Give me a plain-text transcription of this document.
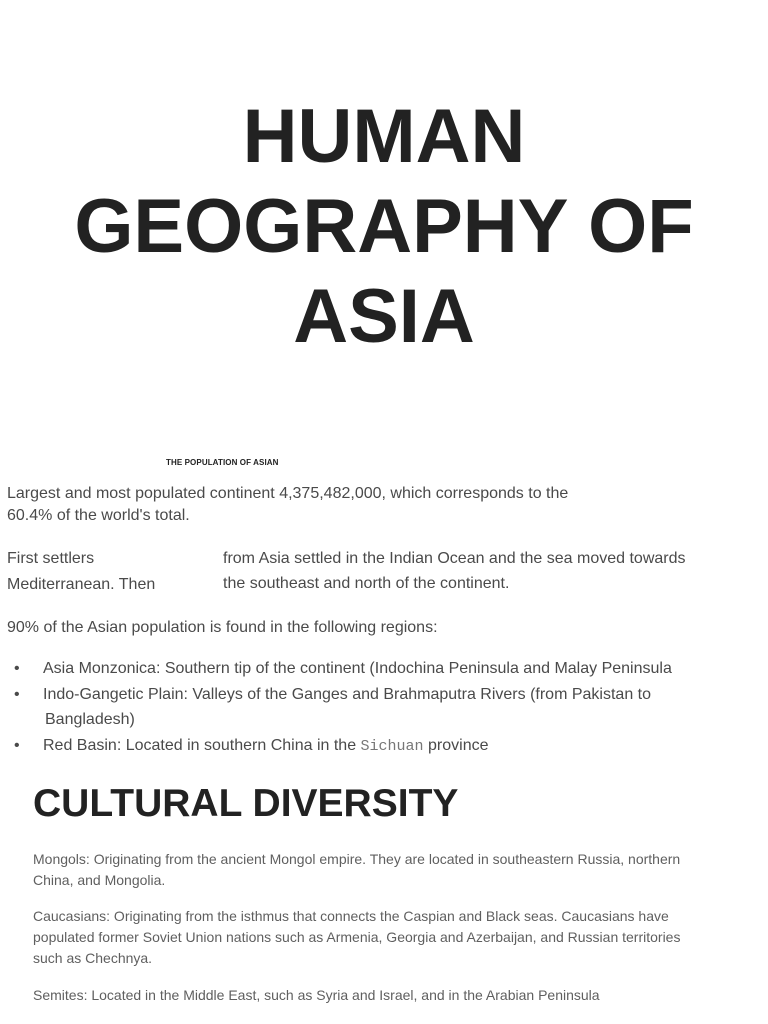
HUMAN
GEOGRAPHY OF
ASIA
THE POPULATION OF ASIAN

Largest and most populated continent 4,375,482,000, which corresponds to the
60.4% of the world's total.

First settlers
Mediterranean. Then
from Asia settled in the Indian Ocean and the sea moved towards
the southeast and north of the continent.

90% of the Asian population is found in the following regions:

• Asia Monzonica: Southern tip of the continent (Indochina Peninsula and Malay Peninsula
• Indo-Gangetic Plain: Valleys of the Ganges and Brahmaputra Rivers (from Pakistan to
Bangladesh)
• Red Basin: Located in southern China in the Sichuan province
CULTURAL DIVERSITY

Mongols: Originating from the ancient Mongol empire. They are located in southeastern Russia, northern
China, and Mongolia.

Caucasians: Originating from the isthmus that connects the Caspian and Black seas. Caucasians have
populated former Soviet Union nations such as Armenia, Georgia and Azerbaijan, and Russian territories
such as Chechnya.

Semites: Located in the Middle East, such as Syria and Israel, and in the Arabian Peninsula
